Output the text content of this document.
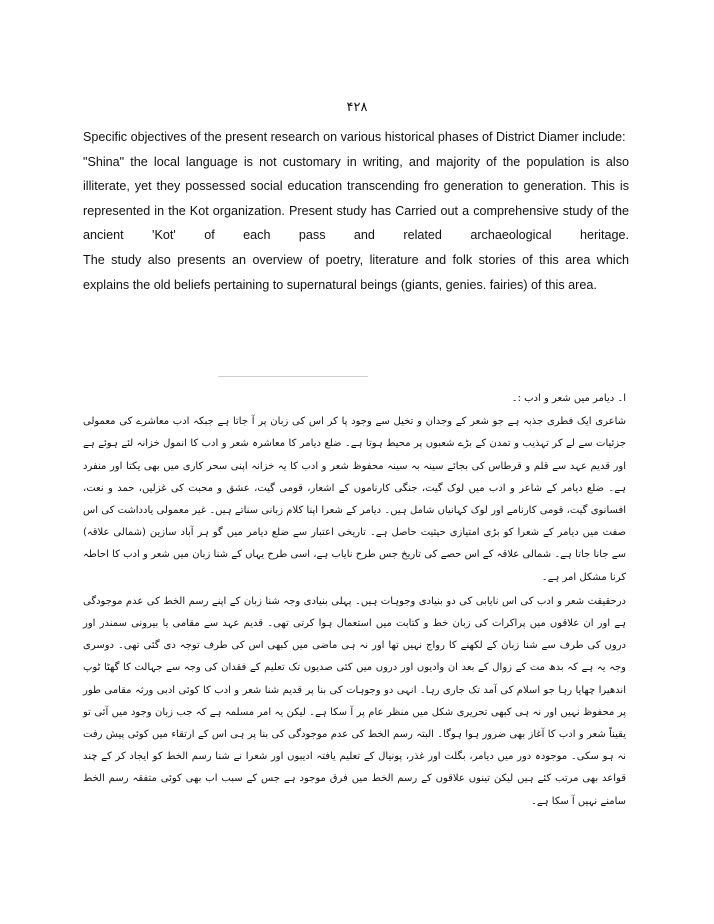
۴۲۸

Specific objectives of the present research on various historical phases of District Diamer include:

"Shina" the local language is not customary in writing, and majority of the population is also illiterate, yet they possessed social education transcending fro generation to generation. This is represented in the Kot organization. Present study has Carried out a comprehensive study of the ancient 'Kot' of each pass and related archaeological heritage.

The study also presents an overview of poetry, literature and folk stories of this area which explains the old beliefs pertaining to supernatural beings (giants, genies. fairies) of this area.

ا۔ دیامر میں شعر و ادب :۔

شاعری ایک فطری جذبہ ہے جو شعر کے وجدان و تخیل سے وجود پا کر اس کی زبان پر آ جاتا ہے جبکہ ادب معاشرے کی معمولی جزئیات سے لے کر تہذیب و تمدن کے بڑے شعبوں پر محیط ہوتا ہے۔ ضلع دیامر کا معاشرہ شعر و ادب کا انمول خزانہ لئے ہوئے ہے اور قدیم عہد سے قلم و قرطاس کی بجائے سینہ بہ سینہ محفوظ شعر و ادب کا یہ خزانہ اپنی سحر کاری میں بھی یکتا اور منفرد ہے۔ ضلع دیامر کے شاعر و ادب میں لوک گیت، جنگی کارناموں کے اشعار، قومی گیت، عشق و محبت کی غزلیں، حمد و نعت، افسانوی گیت، قومی کارنامے اور لوک کہانیاں شامل ہیں۔ دیامر کے شعرا اپنا کلام زبانی سناتے ہیں۔ غیر معمولی یادداشت کی اس صفت میں دیامر کے شعرا کو بڑی امتیازی حیثیت حاصل ہے۔ تاریخی اعتبار سے ضلع دیامر میں گو ہر آباد سازین (شمالی علاقہ) سے جانا جاتا ہے۔ شمالی علاقہ کے اس حصے کی تاریخ جس طرح نایاب ہے، اسی طرح یہاں کے شنا زبان میں شعر و ادب کا احاطہ کرنا مشکل امر ہے۔

درحقیقت شعر و ادب کی اس نایابی کی دو بنیادی وجوہات ہیں۔ پہلی بنیادی وجہ شنا زبان کے اپنے رسم الخط کی عدم موجودگی ہے اور ان علاقوں میں پراکرات کی زبان خط و کتابت میں استعمال ہوا کرتی تھی۔ قدیم عہد سے مقامی یا بیرونی سمندر اور دروں کی طرف سے شنا زبان کے لکھنے کا رواج نہیں تھا اور نہ ہی ماضی میں کبھی اس کی طرف توجہ دی گئی تھی۔ دوسری وجہ یہ ہے کہ بدھ مت کے زوال کے بعد ان وادیوں اور دروں میں کئی صدیوں تک تعلیم کے فقدان کی وجہ سے جہالت کا گھٹا ٹوپ اندھیرا چھایا رہا جو اسلام کی آمد تک جاری رہا۔ انہی دو وجوہات کی بنا پر قدیم شنا شعر و ادب کا کوئی ادبی ورثہ مقامی طور پر محفوظ نہیں اور نہ ہی کبھی تحریری شکل میں منظر عام پر آ سکا ہے۔ لیکن یہ امر مسلمہ ہے کہ جب زبان وجود میں آئی تو یقیناً شعر و ادب کا آغاز بھی ضرور ہوا ہوگا۔ البتہ رسم الخط کی عدم موجودگی کی بنا پر ہی اس کے ارتقاء میں کوئی پیش رفت نہ ہو سکی۔ موجودہ دور میں دیامر، بگلت اور غذر، پونیال کے تعلیم یافتہ ادیبوں اور شعرا نے شنا رسم الخط کو ایجاد کر کے چند قواعد بھی مرتب کئے ہیں لیکن تینوں علاقوں کے رسم الخط میں فرق موجود ہے جس کے سبب اب بھی کوئی متفقہ رسم الخط سامنے نہیں آ سکا ہے۔
